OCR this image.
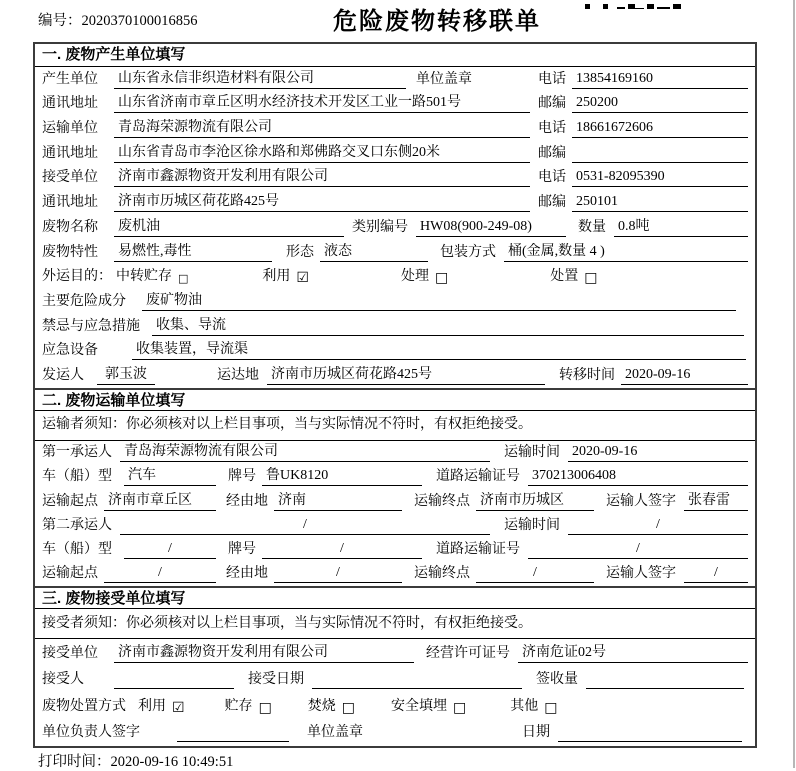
编号：2020370100016856	危险废物转移联单
一. 废物产生单位填写
产生单位	山东省永信非织造材料有限公司	单位盖章	电话 13854169160
通讯地址	山东省济南市章丘区明水经济技术开发区工业一路501号	邮编 250200
运输单位	青岛海荣源物流有限公司	电话 18661672606
通讯地址	山东省青岛市李沧区徐水路和郑佛路交叉口东侧20米	邮编
接受单位	济南市鑫源物资开发利用有限公司	电话 0531-82095390
通讯地址	济南市历城区荷花路425号	邮编 250101
废物名称	废机油	类别编号 HW08(900-249-08)	数量 0.8吨
废物特性	易燃性,毒性	形态 液态	包装方式 桶(金属,数量 4 )
外运目的： 中转贮存 □	利用 ☑	处理 □	处置 □
主要危险成分 废矿物油
禁忌与应急措施 收集、导流
应急设备	收集装置，导流渠
发运人	郭玉波	运达地 济南市历城区荷花路425号	转移时间 2020-09-16
二. 废物运输单位填写
运输者须知：你必须核对以上栏目事项，当与实际情况不符时，有权拒绝接受。
第一承运人 青岛海荣源物流有限公司	运输时间 2020-09-16
车（船）型	汽车	牌号 鲁UK8120	道路运输证号 370213006408
运输起点 济南市章丘区	经由地 济南	运输终点 济南市历城区	运输人签字 张春雷
第二承运人	/	运输时间	/
车（船）型	/	牌号	/	道路运输证号	/
运输起点	/	经由地	/	运输终点	/	运输人签字	/
三. 废物接受单位填写
接受者须知：你必须核对以上栏目事项，当与实际情况不符时，有权拒绝接受。
接受单位	济南市鑫源物资开发利用有限公司	经营许可证号 济南危证02号
接受人	接受日期	签收量
废物处置方式 利用 ☑	贮存 □	焚烧 □	安全填埋 □	其他 □
单位负责人签字	单位盖章	日期
打印时间：2020-09-16 10:49:51
